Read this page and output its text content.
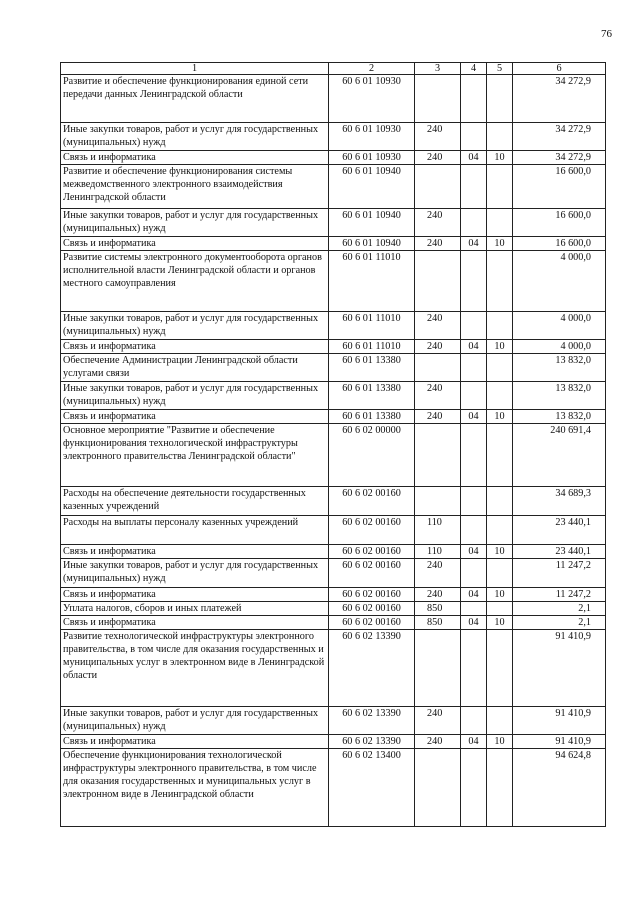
76
1	2	3	4	5	6
Развитие и обеспечение функционирования единой сети передачи данных Ленинградской области	60 6 01 10930				34 272,9
Иные закупки товаров, работ и услуг для государственных (муниципальных) нужд	60 6 01 10930	240			34 272,9
Связь и информатика	60 6 01 10930	240	04	10	34 272,9
Развитие и обеспечение функционирования системы межведомственного электронного взаимодействия Ленинградской области	60 6 01 10940				16 600,0
Иные закупки товаров, работ и услуг для государственных (муниципальных) нужд	60 6 01 10940	240			16 600,0
Связь и информатика	60 6 01 10940	240	04	10	16 600,0
Развитие системы электронного документооборота органов исполнительной власти Ленинградской области и органов местного самоуправления	60 6 01 11010				4 000,0
Иные закупки товаров, работ и услуг для государственных (муниципальных) нужд	60 6 01 11010	240			4 000,0
Связь и информатика	60 6 01 11010	240	04	10	4 000,0
Обеспечение Администрации Ленинградской области услугами связи	60 6 01 13380				13 832,0
Иные закупки товаров, работ и услуг для государственных (муниципальных) нужд	60 6 01 13380	240			13 832,0
Связь и информатика	60 6 01 13380	240	04	10	13 832,0
Основное мероприятие "Развитие и обеспечение функционирования технологической инфраструктуры электронного правительства Ленинградской области"	60 6 02 00000				240 691,4
Расходы на обеспечение деятельности государственных казенных учреждений	60 6 02 00160				34 689,3
Расходы на выплаты персоналу казенных учреждений	60 6 02 00160	110			23 440,1
Связь и информатика	60 6 02 00160	110	04	10	23 440,1
Иные закупки товаров, работ и услуг для государственных (муниципальных) нужд	60 6 02 00160	240			11 247,2
Связь и информатика	60 6 02 00160	240	04	10	11 247,2
Уплата налогов, сборов и иных платежей	60 6 02 00160	850			2,1
Связь и информатика	60 6 02 00160	850	04	10	2,1
Развитие технологической инфраструктуры электронного правительства, в том числе для оказания государственных и муниципальных услуг в электронном виде в Ленинградской области	60 6 02 13390				91 410,9
Иные закупки товаров, работ и услуг для государственных (муниципальных) нужд	60 6 02 13390	240			91 410,9
Связь и информатика	60 6 02 13390	240	04	10	91 410,9
Обеспечение функционирования технологической инфраструктуры электронного правительства, в том числе для оказания государственных и муниципальных услуг в электронном виде в Ленинградской области	60 6 02 13400				94 624,8
